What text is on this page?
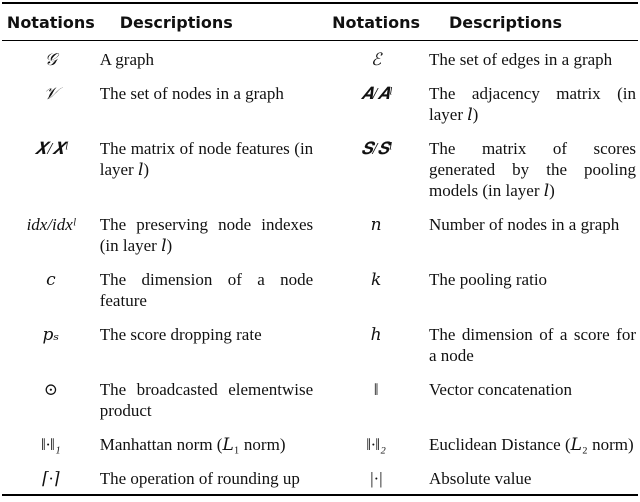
Notations	Descriptions	Notations	Descriptions
𝒢	A graph	ℰ	The set of edges in a graph
𝒱	The set of nodes in a graph	𝑨/𝑨ˡ	The adjacency matrix (in layer 𝑙)
𝑿/𝑿ˡ	The matrix of node features (in layer 𝑙)	𝑺/𝑺ˡ	The matrix of scores generated by the pooling models (in layer 𝑙)
idx/idxˡ	The preserving node indexes (in layer 𝑙)	𝑛	Number of nodes in a graph
𝑐	The dimension of a node feature	𝑘	The pooling ratio
𝑝ₛ	The score dropping rate	ℎ	The dimension of a score for a node
⊙	The broadcasted elementwise product	‖	Vector concatenation
‖·‖₁	Manhattan norm (𝐿₁ norm)	‖·‖₂	Euclidean Distance (𝐿₂ norm)
⌈·⌉	The operation of rounding up	|·|	Absolute value
